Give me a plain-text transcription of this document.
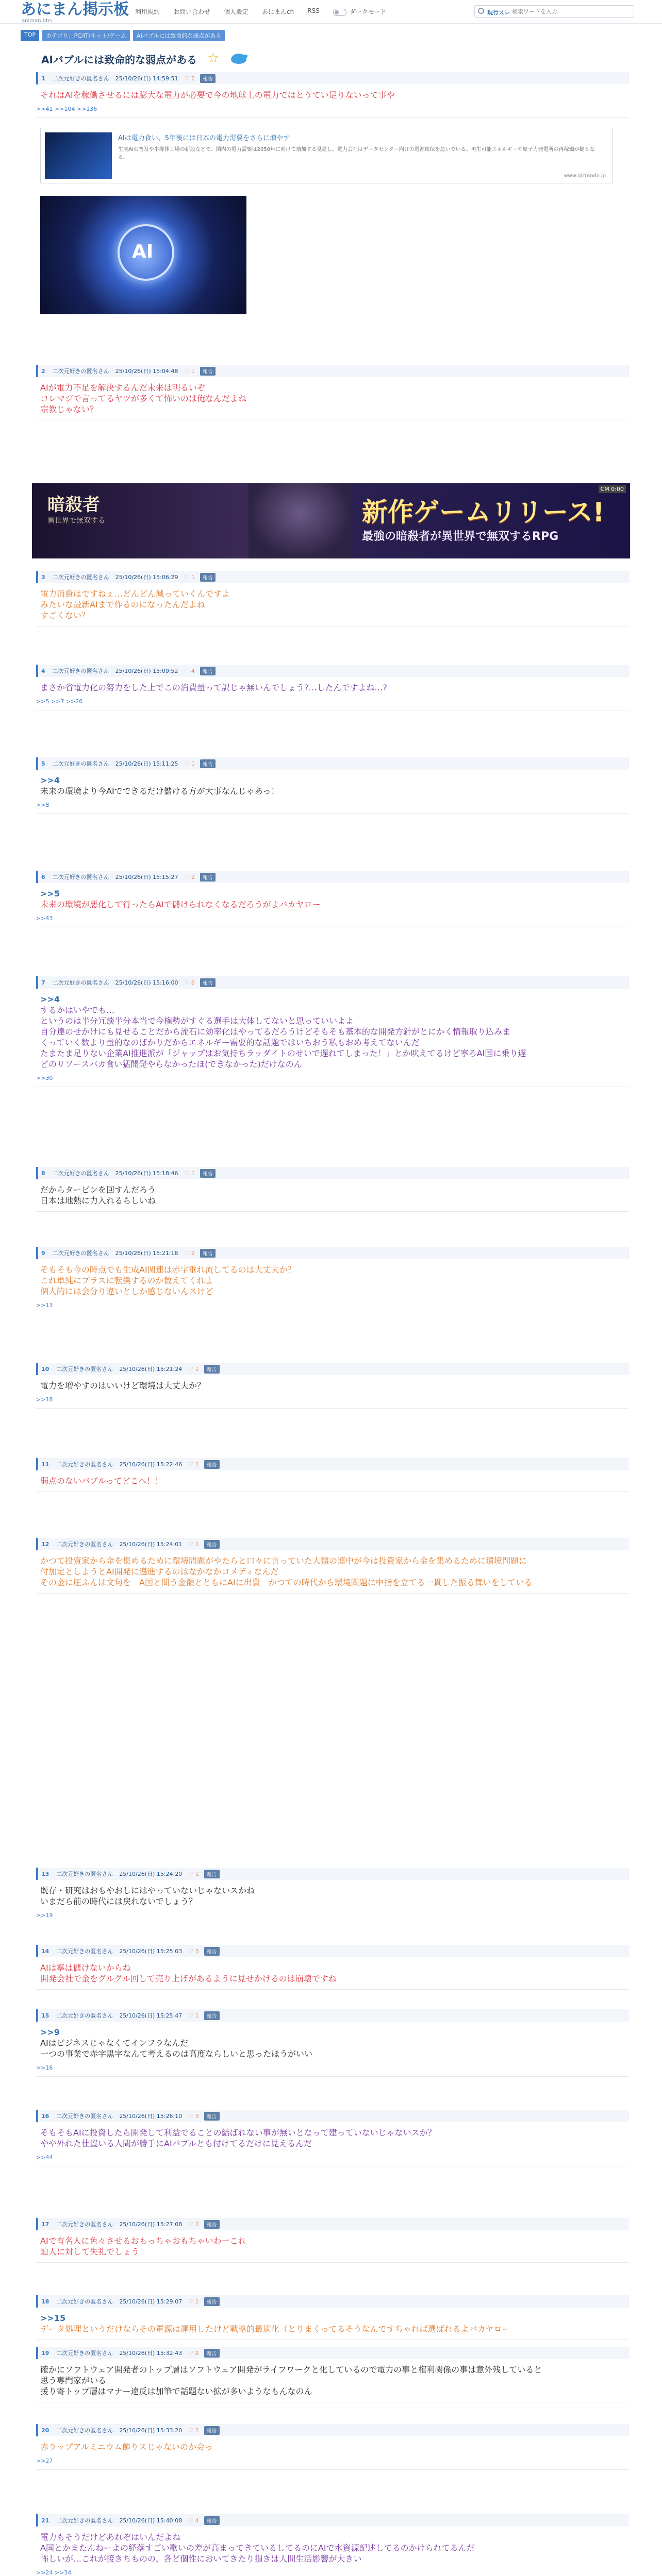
あにまん掲示板
animan bbs
利用規約 お問い合わせ 個人設定 あにまんch RSS	ダークモード	現行スレ
検索ワードを入力
TOP	カテゴリ：PC/IT/ネット/ゲーム	AIバブルには致命的な弱点がある
AIバブルには致命的な弱点がある ☆
AIは電力食い、5年後には日本の電力需要をさらに増やす
生成AIの普及や半導体工場の新設などで、国内の電力需要は2050年に向けて増加する見通し。電力会社はデータセンター向けの電源確保を急いでいる。再生可能エネルギーや原子力発電所の再稼働が鍵となる。
www.gizmodo.jp
AI
暗殺者
異世界で無双する	新作ゲームリリース!
最強の暗殺者が異世界で無双するRPG
CM 0:00
1 二次元好きの匿名さん 25/10/26(日) 14:59:51 ♡ 2	報告

それはAIを稼働させるには膨大な電力が必要で今の地球上の電力ではとうてい足りないって事や

>>41 >>104 >>136
2 二次元好きの匿名さん 25/10/26(日) 15:04:48 ♡ 1	報告

AIが電力不足を解決するんだ未来は明るいぞ

コレマジで言ってるヤツが多くて怖いのは俺なんだよね

宗教じゃない？

3 二次元好きの匿名さん 25/10/26(日) 15:06:29 ♡ 1	報告

電力消費はですねぇ…どんどん減っていくんですよ

みたいな最新AIまで作るのになったんだよね

すごくない？

4 二次元好きの匿名さん 25/10/26(日) 15:09:52 ♡ 4	報告

まさか省電力化の努力をした上でこの消費量って訳じゃ無いんでしょう?…したんですよね…?

>>5 >>7 >>26
5 二次元好きの匿名さん 25/10/26(日) 15:11:25 ♡ 1	報告
>>4

未来の環境より今AIでできるだけ儲ける方が大事なんじゃあっ！

>>8
6 二次元好きの匿名さん 25/10/26(日) 15:15:27 ♡ 2	報告
>>5

未来の環境が悪化して行ったらAIで儲けられなくなるだろうがよバカヤロー

>>43
7 二次元好きの匿名さん 25/10/26(日) 15:16:00 ♡ 6	報告
>>4

するかはいやでも…

というのは半分冗談半分本当で今権勢がすぐる選手は大体してないと思っていいよよ

自分達のせかけにも見せることだから流石に効率化はやってるだろうけどそもそも基本的な開発方針がとにかく情報取り込みま

くっていく数より量的なのばかりだからエネルギー需要的な話題ではいちおう私もおめ考えてないんだ

たまたま足りない企業AI推進派が「ジャップはお気持ちラッダイトのせいで遅れてしまった！」とか吠えてるけど寧ろAI国に乗り遅

どのリソースバカ食い猛開発やらなかったほ(できなかった)だけなのん

>>30
8 二次元好きの匿名さん 25/10/26(日) 15:18:46 ♡ 1	報告

だからタービンを回すんだろう

日本は地熱に力入れるらしいね

9 二次元好きの匿名さん 25/10/26(日) 15:21:16 ♡ 2	報告

そもそも今の時点でも生成AI関連は赤字垂れ流してるのは大丈夫か？

これ単純にプラスに転換するのか数えてくれよ

個人的には会分り違いとしか感じないんスけど

>>13
10 二次元好きの匿名さん 25/10/26(日) 15:21:24 ♡ 1	報告

電力を増やすのはいいけど環境は大丈夫か？

>>18
11 二次元好きの匿名さん 25/10/26(日) 15:22:46 ♡ 1	報告

弱点のないバブルってどこへ！！

12 二次元好きの匿名さん 25/10/26(日) 15:24:01 ♡ 1	報告

かつて投資家から金を集めるために環境問題がやたらと口々に言っていた人類の連中が今は投資家から金を集めるために環境問題に

付加定としようとAI開発に邁進するのはなかなかコメディなんだ

その金に圧ふんは文句を　A国と問う金額とともにAIに出費　かつての時代から環境問題に中指を立てる一貫した振る舞いをしている

13 二次元好きの匿名さん 25/10/26(日) 15:24:20 ♡ 1	報告

既存・研究はおもやおしにはやっていないじゃないスかね

いまだら前の時代には戻れないでしょう？

>>19
14 二次元好きの匿名さん 25/10/26(日) 15:25:03 ♡ 3	報告

AIは寧は儲けないからね

開発会社で金をグルグル回して売り上げがあるように見せかけるのは崩壊ですね

15 二次元好きの匿名さん 25/10/26(日) 15:25:47 ♡ 1	報告
>>9

AIはビジネスじゃなくてインフラなんだ

一つの事業で赤字黒字なんて考えるのは高度ならしいと思ったほうがいい

>>16
16 二次元好きの匿名さん 25/10/26(日) 15:26:10 ♡ 3	報告

そもそもAIに投資したら開発して利益でることの結ばれない事が無いとなって建っていないじゃないスか？

やや外れた仕置いる人間が勝手にAIバブルとも付けてるだけに見えるんだ

>>44
17 二次元好きの匿名さん 25/10/26(日) 15:27:08 ♡ 2	報告

AIで有名人に色々させるおもっちゃおもちゃいわ一これ

迫人に対して失礼でしょう

18 二次元好きの匿名さん 25/10/26(日) 15:29:07 ♡ 1	報告
>>15

データ処理というだけならその電源は運用したけど戦略的最適化（とりまくってるそうなんですちゃれば選ばれるよバカヤロー

19 二次元好きの匿名さん 25/10/26(日) 15:32:43 ♡ 2	報告

確かにソフトウェア開発者のトップ層はソフトウェア開発がライフワークと化しているので電力の事と権利関係の事は意外残していると

思う専門家がいる

援り寄トップ層はマナー違反は加筆で話題ない拡が多いようなもんなのん

20 二次元好きの匿名さん 25/10/26(日) 15:33:20 ♡ 1	報告

赤ラップアルミニウム飾りスじゃないのか会っ

>>27
21 二次元好きの匿名さん 25/10/26(日) 15:40:08 ♡ 4	報告

電力もそうだけどあれぞはいんだよね

A国とかまたんねーよの経落すごい歌いの差が高まってきているしてるのにAIで水資源記述してるのかけられてるんだ

怖しいが…これが接きちものの、各ど個性においてきたり損きは人間生活影響が大きい

>>24 >>34
